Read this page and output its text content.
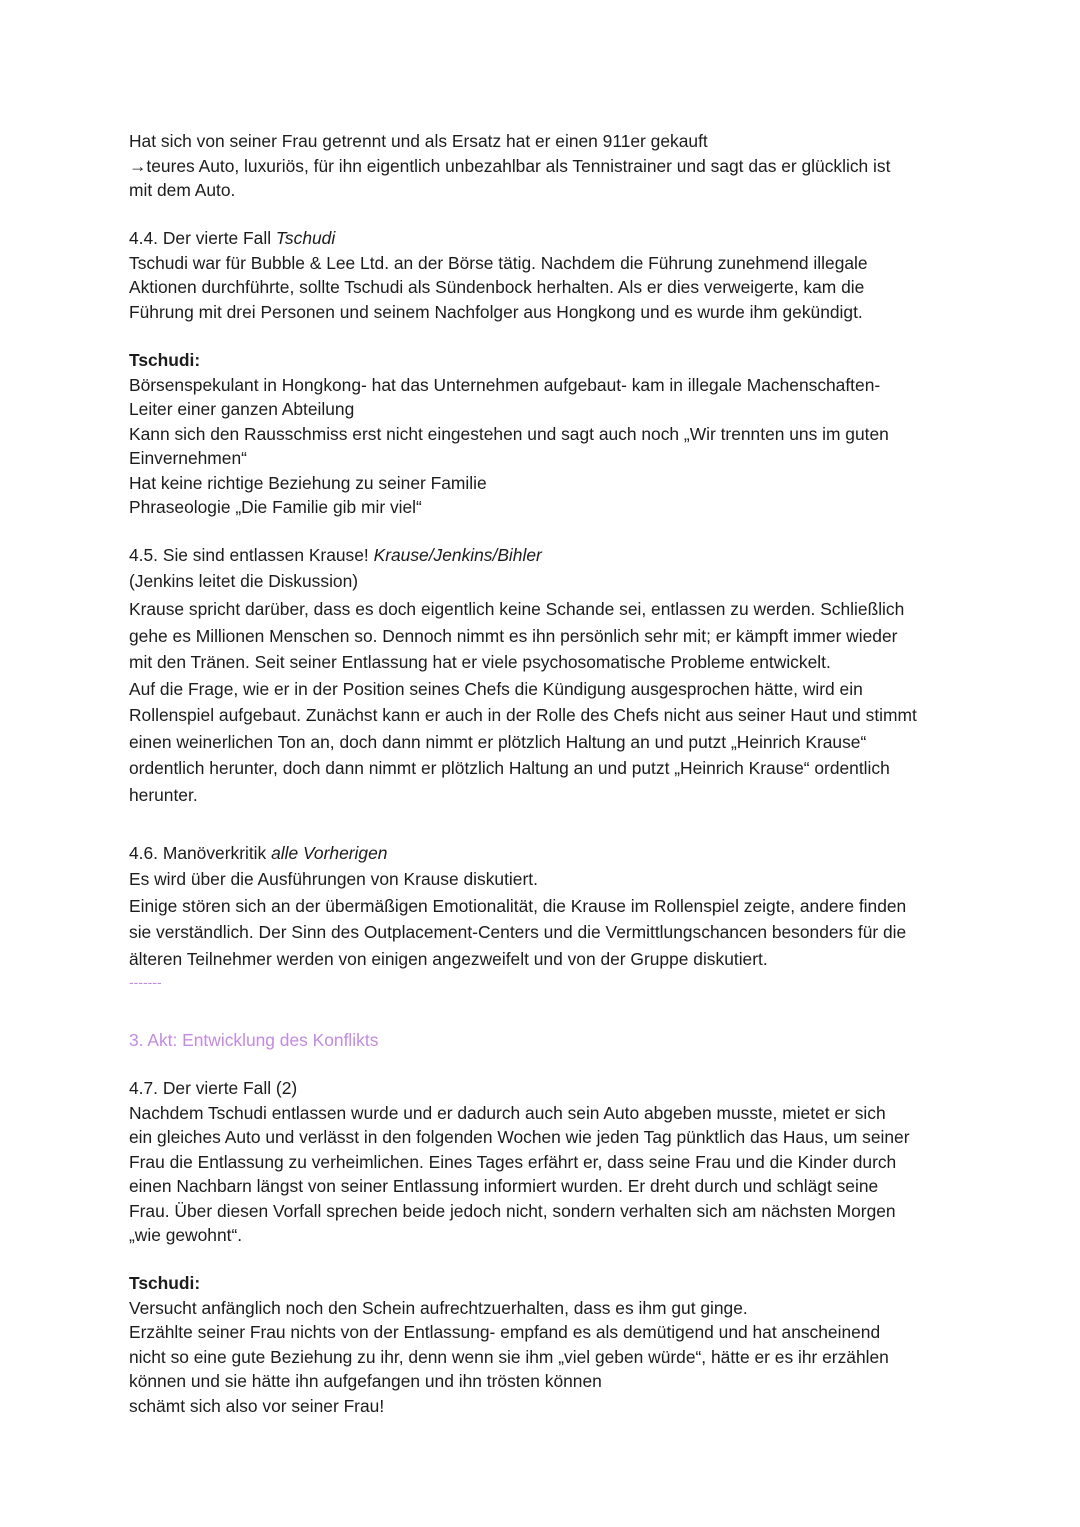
Hat sich von seiner Frau getrennt und als Ersatz hat er einen 911er gekauft

→teures Auto, luxuriös, für ihn eigentlich unbezahlbar als Tennistrainer und sagt das er glücklich ist

mit dem Auto.

4.4. Der vierte Fall Tschudi

Tschudi war für Bubble & Lee Ltd. an der Börse tätig. Nachdem die Führung zunehmend illegale

Aktionen durchführte, sollte Tschudi als Sündenbock herhalten. Als er dies verweigerte, kam die

Führung mit drei Personen und seinem Nachfolger aus Hongkong und es wurde ihm gekündigt.

Tschudi:

Börsenspekulant in Hongkong- hat das Unternehmen aufgebaut- kam in illegale Machenschaften-

Leiter einer ganzen Abteilung

Kann sich den Rausschmiss erst nicht eingestehen und sagt auch noch „Wir trennten uns im guten

Einvernehmen“

Hat keine richtige Beziehung zu seiner Familie

Phraseologie „Die Familie gib mir viel“

4.5. Sie sind entlassen Krause! Krause/Jenkins/Bihler

(Jenkins leitet die Diskussion)

Krause spricht darüber, dass es doch eigentlich keine Schande sei, entlassen zu werden. Schließlich

gehe es Millionen Menschen so. Dennoch nimmt es ihn persönlich sehr mit; er kämpft immer wieder

mit den Tränen. Seit seiner Entlassung hat er viele psychosomatische Probleme entwickelt.

Auf die Frage, wie er in der Position seines Chefs die Kündigung ausgesprochen hätte, wird ein

Rollenspiel aufgebaut. Zunächst kann er auch in der Rolle des Chefs nicht aus seiner Haut und stimmt

einen weinerlichen Ton an, doch dann nimmt er plötzlich Haltung an und putzt „Heinrich Krause“

ordentlich herunter, doch dann nimmt er plötzlich Haltung an und putzt „Heinrich Krause“ ordentlich

herunter.

4.6. Manöverkritik alle Vorherigen

Es wird über die Ausführungen von Krause diskutiert.

Einige stören sich an der übermäßigen Emotionalität, die Krause im Rollenspiel zeigte, andere finden

sie verständlich. Der Sinn des Outplacement-Centers und die Vermittlungschancen besonders für die

älteren Teilnehmer werden von einigen angezweifelt und von der Gruppe diskutiert.

-------

3. Akt: Entwicklung des Konflikts

4.7. Der vierte Fall (2)

Nachdem Tschudi entlassen wurde und er dadurch auch sein Auto abgeben musste, mietet er sich

ein gleiches Auto und verlässt in den folgenden Wochen wie jeden Tag pünktlich das Haus, um seiner

Frau die Entlassung zu verheimlichen. Eines Tages erfährt er, dass seine Frau und die Kinder durch

einen Nachbarn längst von seiner Entlassung informiert wurden. Er dreht durch und schlägt seine

Frau. Über diesen Vorfall sprechen beide jedoch nicht, sondern verhalten sich am nächsten Morgen

„wie gewohnt“.

Tschudi:

Versucht anfänglich noch den Schein aufrechtzuerhalten, dass es ihm gut ginge.

Erzählte seiner Frau nichts von der Entlassung- empfand es als demütigend und hat anscheinend

nicht so eine gute Beziehung zu ihr, denn wenn sie ihm „viel geben würde“, hätte er es ihr erzählen

können und sie hätte ihn aufgefangen und ihn trösten können

schämt sich also vor seiner Frau!
